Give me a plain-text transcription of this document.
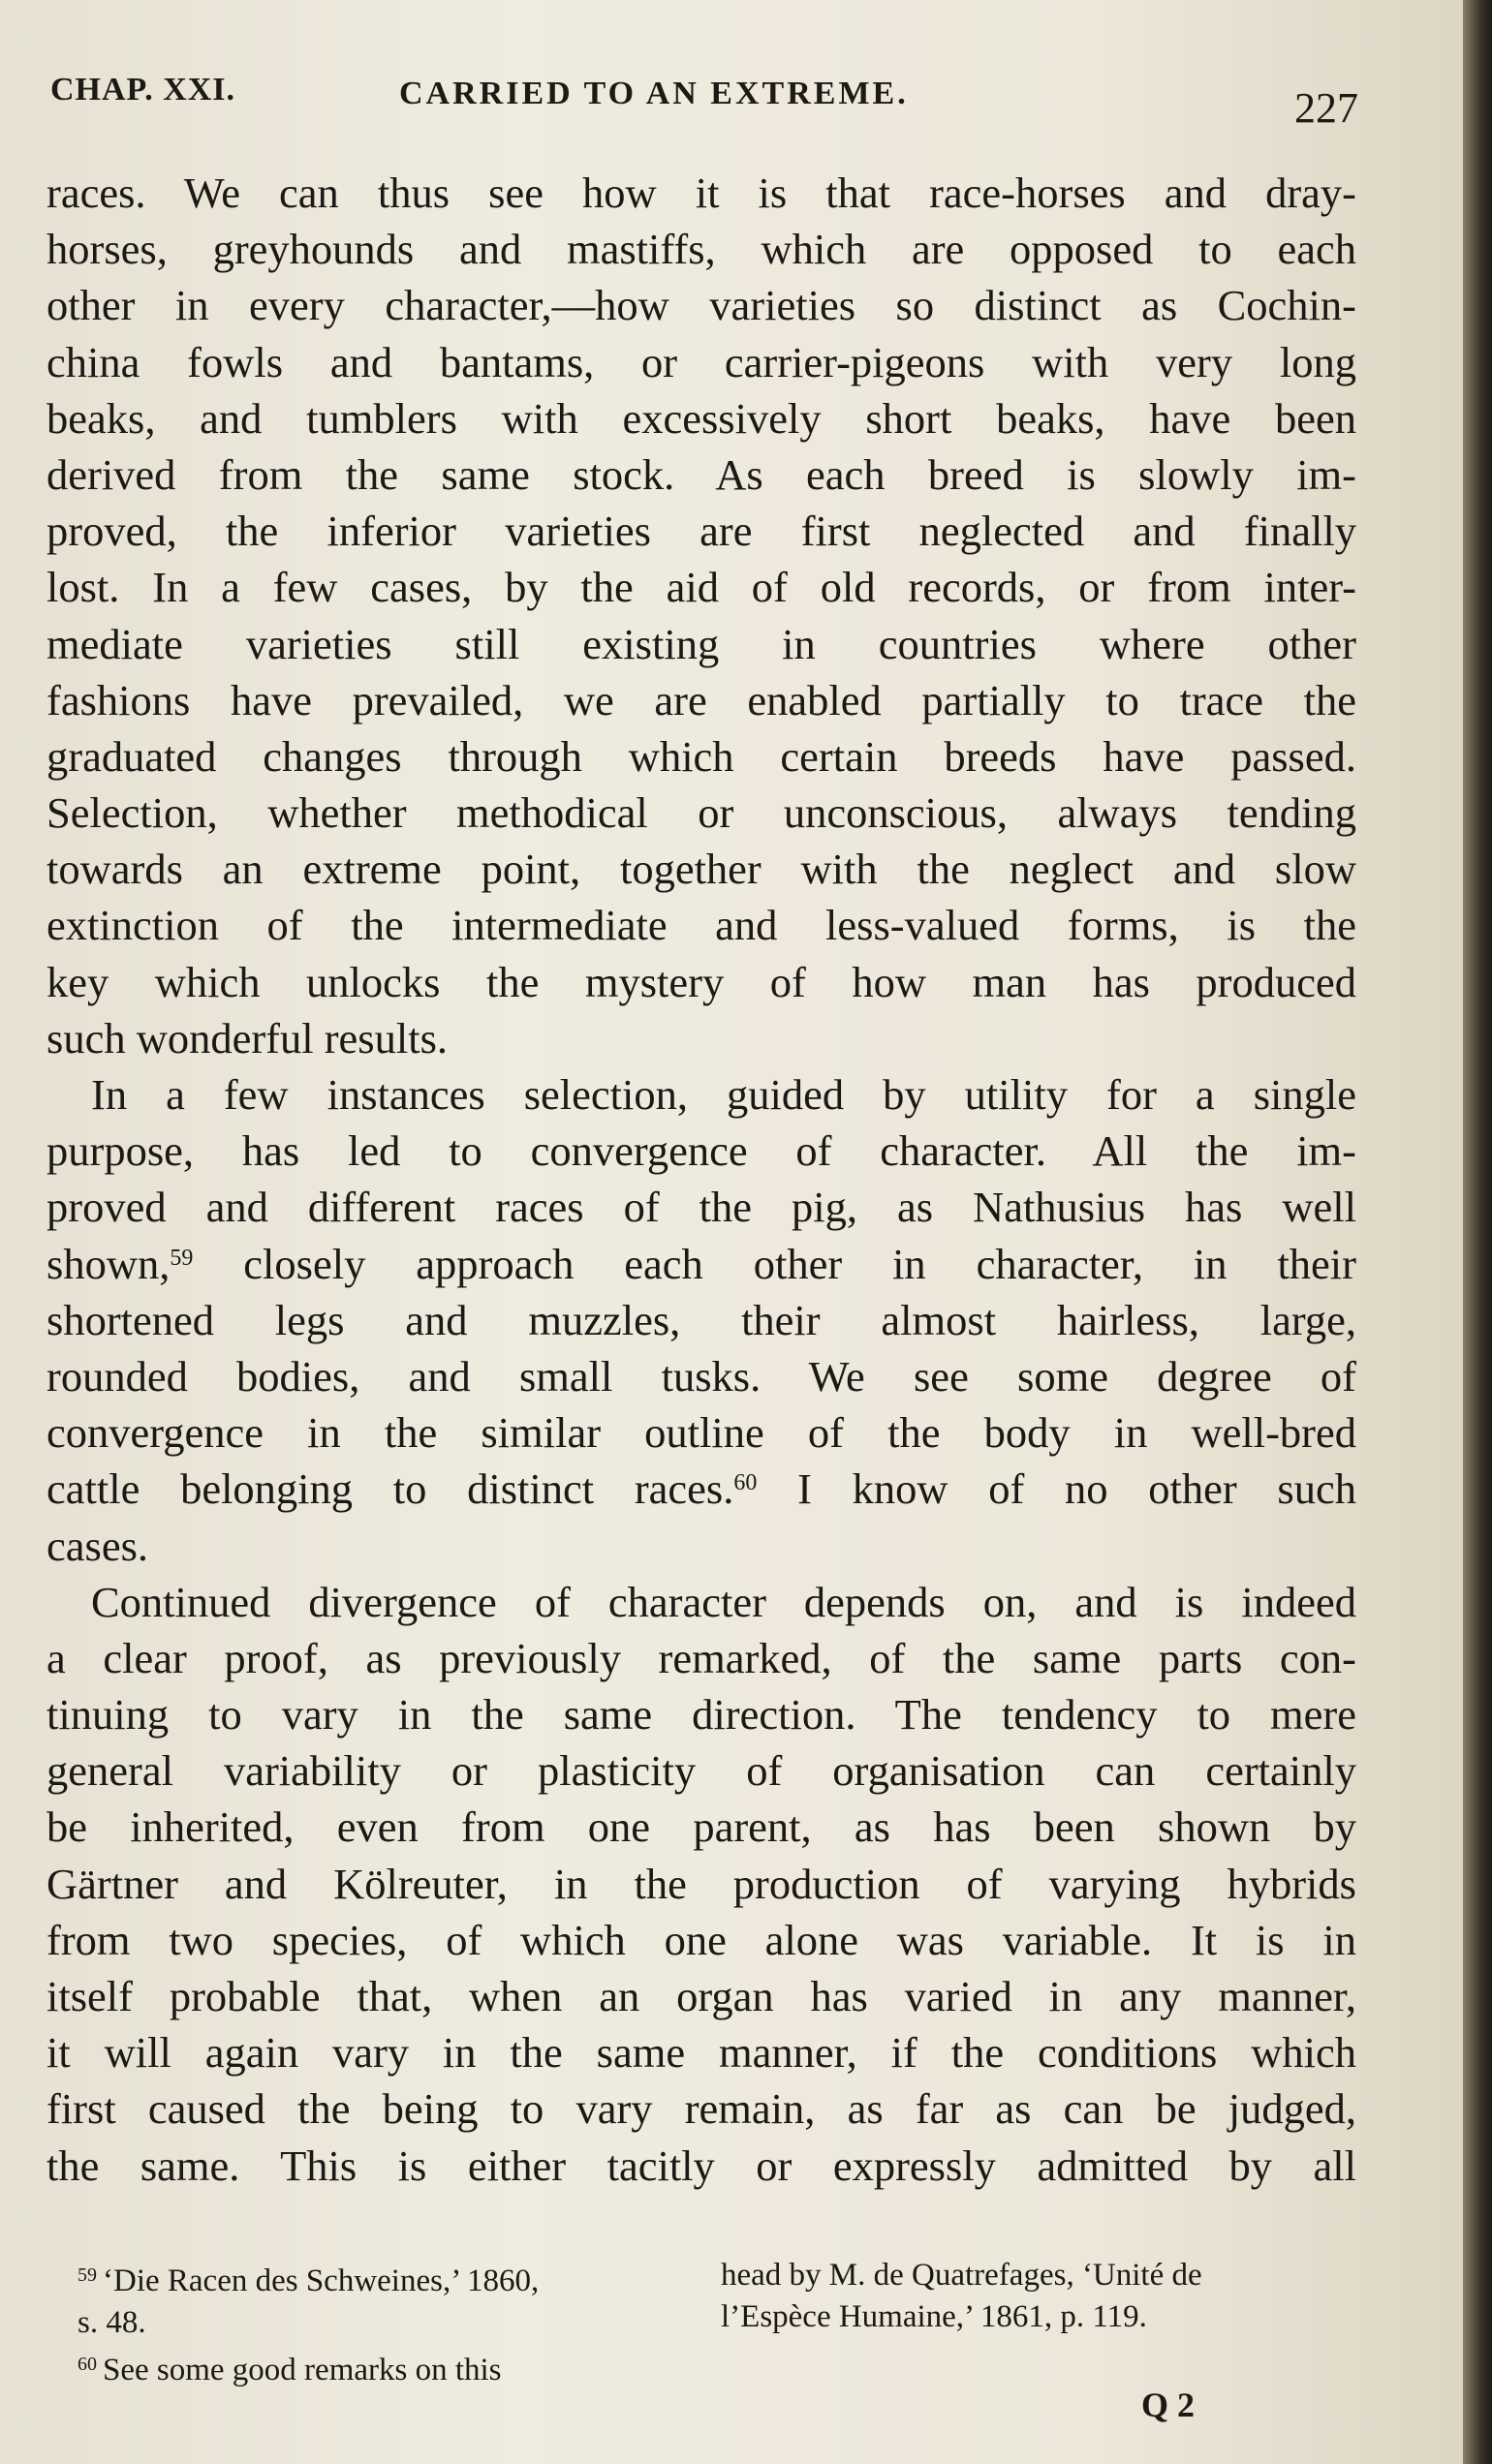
CHAP. XXI.	CARRIED TO AN EXTREME.	227
races. We can thus see how it is that race-horses and dray-
horses, greyhounds and mastiffs, which are opposed to each
other in every character,—how varieties so distinct as Cochin-
china fowls and bantams, or carrier-pigeons with very long
beaks, and tumblers with excessively short beaks, have been
derived from the same stock. As each breed is slowly im-
proved, the inferior varieties are first neglected and finally
lost. In a few cases, by the aid of old records, or from inter-
mediate varieties still existing in countries where other
fashions have prevailed, we are enabled partially to trace the
graduated changes through which certain breeds have passed.
Selection, whether methodical or unconscious, always tending
towards an extreme point, together with the neglect and slow
extinction of the intermediate and less-valued forms, is the
key which unlocks the mystery of how man has produced
such wonderful results.
In a few instances selection, guided by utility for a single
purpose, has led to convergence of character. All the im-
proved and different races of the pig, as Nathusius has well
shown,$^{59}$ closely approach each other in character, in their
shortened legs and muzzles, their almost hairless, large,
rounded bodies, and small tusks. We see some degree of
convergence in the similar outline of the body in well-bred
cattle belonging to distinct races.$^{60}$ I know of no other such
cases.
Continued divergence of character depends on, and is indeed
a clear proof, as previously remarked, of the same parts con-
tinuing to vary in the same direction. The tendency to mere
general variability or plasticity of organisation can certainly
be inherited, even from one parent, as has been shown by
Gärtner and Kölreuter, in the production of varying hybrids
from two species, of which one alone was variable. It is in
itself probable that, when an organ has varied in any manner,
it will again vary in the same manner, if the conditions which
first caused the being to vary remain, as far as can be judged,
the same. This is either tacitly or expressly admitted by all
$^{59}$ ‘Die Racen des Schweines,’ 1860,
s. 48.
$^{60}$ See some good remarks on this
head by M. de Quatrefages, ‘Unité de
l’Espèce Humaine,’ 1861, p. 119.
Q 2
